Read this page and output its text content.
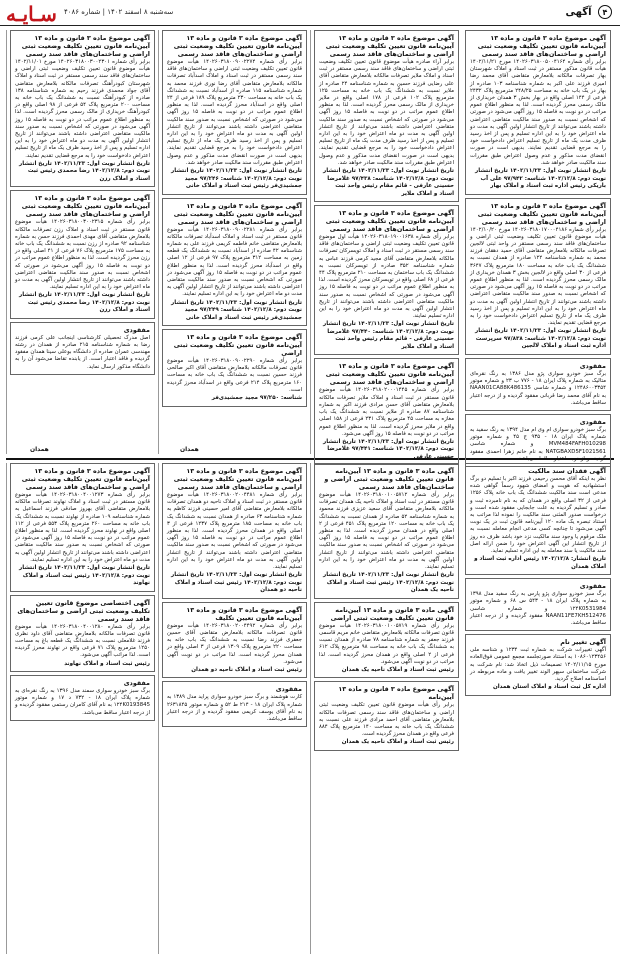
سـایـه سه‌شنبه ۸ اسفند ۱۴۰۲ | شماره ۴۰۸۶	۴ آگهی
آگهی موضوع ماده ۳ قانون و ماده ۱۳ آیین‌نامه قانون تعیین تکلیف وضعیت ثبتی اراضی و ساختمان‌های فاقد سند رسمی
برابر رأی شماره ۱۴۰۲۶۰۳۱۸۰۰۵۰۰۴۱۶۴ مورخ ۱۴۰۲/۱۱/۲۱ هیأت قانون مذکور مستقر در ثبت اسناد و املاک شهرستان بهار تصرفات مالکانه بلامعارض متقاضی آقای محمد رضا امیری فرزند علی اکبر به شماره شناسنامه ۱۰۳ صادره از بهار در یک باب خانه به مساحت ۲۴۸/۲۵ مترمربع پلاک ۲۴۳۲ فرعی از ۱۴۴ اصلی واقع در بهار بخش ۳ همدان خریداری از مالک رسمی محرز گردیده است. لذا به منظور اطلاع عموم مراتب در دو نوبت به فاصله ۱۵ روز آگهی می‌شود در صورتی که اشخاص نسبت به صدور سند مالکیت متقاضی اعتراضی داشته باشند می‌توانند از تاریخ انتشار اولین آگهی به مدت دو ماه اعتراض خود را به این اداره تسلیم و پس از اخذ رسید ظرف مدت یک ماه از تاریخ تسلیم اعتراض دادخواست خود را به مرجع قضایی تقدیم نمایند. بدیهی است در صورت انقضای مدت مذکور و عدم وصول اعتراض طبق مقررات سند مالکیت صادر خواهد شد.
تاریخ انتشار نوبت اول: ۱۴۰۲/۱۱/۲۳ تاریخ انتشار نوبت دوم: ۱۴۰۲/۱۲/۸ شناسه: ۹۷/۹۴۲ علی آب باریکی رئیس اداره ثبت اسناد و املاک بهار
آگهی موضوع ماده ۳ قانون و ماده ۱۳ آیین‌نامه قانون تعیین تکلیف وضعیت ثبتی اراضی و ساختمان‌های فاقد سند رسمی
برابر رأی شماره ۱۴۰۲۶۰۳۱۸۰۱۷۰۰۰۴۱۸۶ مورخ ۱۴۰۲/۱۰/۲۰ هیأت موضوع قانون تعیین تکلیف وضعیت ثبتی اراضی و ساختمان‌های فاقد سند رسمی مستقر در واحد ثبتی لالجین تصرفات مالکانه بلامعارض متقاضی آقای حمید دهقان فرزند محمد به شماره شناسنامه ۱۲۲ صادره از همدان نسبت به ششدانگ یک باب خانه به مساحت ۱۸۰ مترمربع پلاک ۳۶۴۷ فرعی از ۳۰ اصلی واقع در لالجین بخش ۳ همدان خریداری از مالک رسمی محرز گردیده است. لذا به منظور اطلاع عموم مراتب در دو نوبت به فاصله ۱۵ روز آگهی می‌شود در صورتی که اشخاص نسبت به صدور سند مالکیت متقاضی اعتراضی داشته باشند می‌توانند از تاریخ انتشار اولین آگهی به مدت دو ماه اعتراض خود را به این اداره تسلیم و پس از اخذ رسید ظرف یک ماه از تاریخ تسلیم اعتراض دادخواست خود را به مرجع قضایی تقدیم نمایند.
تاریخ انتشار نوبت اول: ۱۴۰۲/۱۱/۲۳ تاریخ انتشار نوبت دوم: ۱۴۰۲/۱۲/۸ شناسه: ۹۷/۸۳۸ سرپرست اداره ثبت اسناد و املاک لالجین
مفقودی
برگ سبز خودرو سواری پژو مدل ۱۳۸۶ به رنگ نقره‌ای متالیک به شماره پلاک ایران ۱۸ - ۷۷۶ ب ۲۳ و شماره موتور ۱۲۴۸۶۰۰۳۳۵۴ و شماره شاسی NAAN01CA88K486135 به نام آقای محمد رضا قربانی مفقود گردیده و از درجه اعتبار ساقط می‌باشد.
مفقودی
برگ سبز خودرو سواری ام وی ام مدل ۱۳۹۴ به رنگ سفید به شماره پلاک ایران ۱۸ - ۹۳۵ ج ۴۵ و شماره موتور MVM484FAFH010298 و شماره شاسی NATGBAXD5F1021561 به نام خانم زهرا احمدی مفقود گردیده و از درجه اعتبار ساقط می‌باشد.
آگهی موضوع ماده ۳ قانون و ماده ۱۳ آیین‌نامه قانون تعیین تکلیف وضعیت ثبتی اراضی و ساختمان‌های فاقد سند رسمی
برابر آراء صادره هیأت موضوع قانون تعیین تکلیف وضعیت ثبتی اراضی و ساختمان‌های فاقد سند رسمی مستقر در ثبت اسناد و املاک ملایر تصرفات مالکانه بلامعارض متقاضی آقای علی رضایی فرزند حسین به شماره شناسنامه ۲۴ صادره از ملایر نسبت به ششدانگ یک باب خانه به مساحت ۱۲۵ مترمربع پلاک ۱۰۲ فرعی از ۱۷۸ اصلی واقع در ملایر خریداری از مالک رسمی محرز گردیده است. لذا به منظور اطلاع عموم مراتب در دو نوبت به فاصله ۱۵ روز آگهی می‌شود در صورتی که اشخاص نسبت به صدور سند مالکیت متقاضی اعتراضی داشته باشند می‌توانند از تاریخ انتشار اولین آگهی به مدت دو ماه اعتراض خود را به این اداره تسلیم و پس از اخذ رسید ظرف مدت یک ماه از تاریخ تسلیم اعتراض دادخواست خود را به مرجع قضایی تقدیم نمایند. بدیهی است در صورت انقضای مدت مذکور و عدم وصول اعتراض طبق مقررات سند مالکیت صادر خواهد شد.
تاریخ انتشار نوبت اول: ۱۴۰۲/۱۱/۲۳ تاریخ انتشار نوبت دوم: ۱۴۰۲/۱۲/۸ شناسه: ۹۷/۴۳۸ غلامرضا حسینی عارفی - قائم مقام رئیس واحد ثبت اسناد و املاک ملایر
آگهی موضوع ماده ۳ قانون و ماده ۱۳ آیین‌نامه قانون تعیین تکلیف وضعیت ثبتی اراضی و ساختمان‌های فاقد سند رسمی
برابر رأی شماره ۱۴۰۲۶۰۳۱۸۰۱۹۰۰۱۶۳۸ هیأت اول موضوع قانون تعیین تکلیف وضعیت ثبتی اراضی و ساختمان‌های فاقد سند رسمی مستقر در ثبت اسناد و املاک تویسرکان تصرفات مالکانه بلامعارض متقاضی آقای مجید کرمی فرزند عباس به شماره شناسنامه ۳۵۲ صادره از تویسرکان نسبت به ششدانگ یک باب ساختمان به مساحت ۲۱۰ مترمربع پلاک ۴۴ فرعی از ۶۸ اصلی واقع در تویسرکان محرز گردیده است. لذا به منظور اطلاع عموم مراتب در دو نوبت به فاصله ۱۵ روز آگهی می‌شود در صورتی که اشخاص نسبت به صدور سند مالکیت متقاضی اعتراضی داشته باشند می‌توانند از تاریخ انتشار اولین آگهی به مدت دو ماه اعتراض خود را به این اداره تسلیم نمایند.
تاریخ انتشار نوبت اول: ۱۴۰۲/۱۱/۲۳ تاریخ انتشار نوبت دوم: ۱۴۰۲/۱۲/۸ شناسه: ۹۷/۴۴۰ غلامرضا حسینی عارفی - قائم مقام رئیس واحد ثبت اسناد و املاک ملایر
آگهی موضوع ماده ۳ قانون و ماده ۱۳ آیین‌نامه قانون تعیین تکلیف وضعیت ثبتی اراضی و ساختمان‌های فاقد سند رسمی
برابر رأی شماره ۱۴۰۲۶۰۳۱۸۰۲۰۰۰۱۴۴۵ هیأت موضوع قانون مستقر در ثبت اسناد و املاک ملایر تصرفات مالکانه بلامعارض متقاضی آقای حسن مرادی فرزند اکبر به شماره شناسنامه ۸۷ صادره از ملایر نسبت به ششدانگ یک باب مغازه به مساحت ۴۵ مترمربع پلاک ۲۳۱ فرعی از ۱۵۸ اصلی واقع در ملایر محرز گردیده است. لذا به منظور اطلاع عموم مراتب در دو نوبت به فاصله ۱۵ روز آگهی می‌شود.
تاریخ انتشار نوبت اول: ۱۴۰۲/۱۱/۲۳ تاریخ انتشار نوبت دوم: ۱۴۰۲/۱۲/۸ شناسه: ۹۷/۴۴۱ غلامرضا حسینی عارفی
آگهی موضوع ماده ۳ قانون و ماده ۱۳ آیین‌نامه قانون تعیین تکلیف وضعیت ثبتی اراضی و ساختمان‌های فاقد سند رسمی
برابر رأی شماره ۱۴۰۲۶۰۳۱۸۰۰۹۰۰۲۲۷۴ هیأت موضوع قانون تعیین تکلیف وضعیت ثبتی اراضی و ساختمان‌های فاقد سند رسمی مستقر در ثبت اسناد و املاک اسدآباد تصرفات مالکانه بلامعارض متقاضی آقای رضا نوری فرزند محمد به شماره شناسنامه ۱۱۵ صادره از اسدآباد نسبت به ششدانگ یک باب خانه به مساحت ۲۳۰ مترمربع پلاک ۱۸۹ فرعی از ۲۴ اصلی واقع در اسدآباد محرز گردیده است. لذا به منظور اطلاع عموم مراتب در دو نوبت به فاصله ۱۵ روز آگهی می‌شود در صورتی که اشخاص نسبت به صدور سند مالکیت متقاضی اعتراضی داشته باشند می‌توانند از تاریخ انتشار اولین آگهی به مدت دو ماه اعتراض خود را به این اداره تسلیم و پس از اخذ رسید ظرف یک ماه از تاریخ تسلیم اعتراض دادخواست خود را به مرجع قضایی تقدیم نمایند. بدیهی است در صورت انقضای مدت مذکور و عدم وصول اعتراض طبق مقررات سند مالکیت صادر خواهد شد.
تاریخ انتشار نوبت اول: ۱۴۰۲/۱۱/۲۳ تاریخ انتشار نوبت دوم: ۱۴۰۲/۱۲/۸ شناسه: ۹۷/۲۴۶ مجید جمشیدی‌فر رئیس ثبت اسناد و املاک خانی
آگهی موضوع ماده ۳ قانون و ماده ۱۳ آیین‌نامه قانون تعیین تکلیف وضعیت ثبتی اراضی و ساختمان‌های فاقد سند رسمی
برابر رأی شماره ۱۴۰۲۶۰۳۱۸۰۰۹۰۰۲۲۸۱ هیأت موضوع قانون مستقر در ثبت اسناد و املاک اسدآباد تصرفات مالکانه بلامعارض متقاضی خانم فاطمه کریمی فرزند علی به شماره شناسنامه ۴۲ صادره از اسدآباد نسبت به ششدانگ یک قطعه زمین به مساحت ۳۱۲ مترمربع پلاک ۹۷ فرعی از ۱۲ اصلی واقع در اسدآباد محرز گردیده است. لذا به منظور اطلاع عموم مراتب در دو نوبت به فاصله ۱۵ روز آگهی می‌شود در صورتی که اشخاص نسبت به صدور سند مالکیت متقاضی اعتراضی داشته باشند می‌توانند از تاریخ انتشار اولین آگهی به مدت دو ماه اعتراض خود را به این اداره تسلیم نمایند.
تاریخ انتشار نوبت اول: ۱۴۰۲/۱۱/۲۳ تاریخ انتشار نوبت دوم: ۱۴۰۲/۱۲/۸ شناسه: ۹۷/۲۴۹ مجید جمشیدی‌فر رئیس ثبت اسناد و املاک خانی
آگهی موضوع ماده ۳ قانون و ماده ۱۳ آیین‌نامه قانون تعیین تکلیف وضعیت ثبتی اراضی
برابر رأی شماره ۱۴۰۲۶۰۳۱۸۰۰۹۰۰۲۲۹۰ هیأت موضوع قانون تصرفات مالکانه بلامعارض متقاضی آقای اکبر صالحی فرزند حسین نسبت به ششدانگ یک باب خانه به مساحت ۱۶۰ مترمربع پلاک ۲۱۴ فرعی واقع در اسدآباد محرز گردیده است.
شناسه: ۹۷/۲۵۰ مجید جمشیدی‌فر
آگهی موضوع ماده ۳ قانون و ماده ۱۳ آیین‌نامه قانون تعیین تکلیف وضعیت ثبتی اراضی و ساختمان‌های فاقد سند رسمی
برابر رأی شماره ۱۴۰۲۶۰۳۱۸۰۰۳۰۰۲۳۰۱ مورخ ۱۴۰۲/۱۱/۰۱ هیأت موضوع قانون تعیین تکلیف وضعیت ثبتی اراضی و ساختمان‌های فاقد سند رسمی مستقر در ثبت اسناد و املاک شهرستان کبودرآهنگ تصرفات مالکانه بلامعارض متقاضی آقای جواد محمدی فرزند رحیم به شماره شناسنامه ۱۳۸ صادره از کبودرآهنگ نسبت به ششدانگ یک باب خانه به مساحت ۲۰۰ مترمربع پلاک ۵۴ فرعی از ۹۸ اصلی واقع در کبودرآهنگ خریداری از مالک رسمی محرز گردیده است. لذا به منظور اطلاع عموم مراتب در دو نوبت به فاصله ۱۵ روز آگهی می‌شود در صورتی که اشخاص نسبت به صدور سند مالکیت متقاضی اعتراضی داشته باشند می‌توانند از تاریخ انتشار اولین آگهی به مدت دو ماه اعتراض خود را به این اداره تسلیم و پس از اخذ رسید ظرف یک ماه از تاریخ تسلیم اعتراض دادخواست خود را به مرجع قضایی تقدیم نمایند.
تاریخ انتشار نوبت اول: ۱۴۰۲/۱۱/۲۳ تاریخ انتشار نوبت دوم: ۱۴۰۲/۱۲/۸ رضا محمدی رئیس ثبت اسناد و املاک رزن
آگهی موضوع ماده ۳ قانون و ماده ۱۳ آیین‌نامه قانون تعیین تکلیف وضعیت ثبتی اراضی و ساختمان‌های فاقد سند رسمی
برابر رأی شماره ۱۴۰۲۶۰۳۱۸۰۰۳۰۰۲۳۱۵ هیأت موضوع قانون مستقر در ثبت اسناد و املاک رزن تصرفات مالکانه بلامعارض متقاضی آقای مهدی احمدی فرزند حسن به شماره شناسنامه ۹۲ صادره از رزن نسبت به ششدانگ یک باب خانه به مساحت ۱۷۵ مترمربع پلاک ۷۶ فرعی از ۴۱ اصلی واقع در رزن محرز گردیده است. لذا به منظور اطلاع عموم مراتب در دو نوبت به فاصله ۱۵ روز آگهی می‌شود در صورتی که اشخاص نسبت به صدور سند مالکیت متقاضی اعتراضی داشته باشند می‌توانند از تاریخ انتشار اولین آگهی به مدت دو ماه اعتراض خود را به این اداره تسلیم نمایند.
تاریخ انتشار نوبت اول: ۱۴۰۲/۱۱/۲۳ تاریخ انتشار نوبت دوم: ۱۴۰۲/۱۲/۸ رضا محمدی رئیس ثبت اسناد و املاک رزن
مفقودی
اصل مدرک تحصیلی کارشناسی اینجانب علی کرمی فرزند رضا به شماره شناسنامه ۲۱۵ صادره از همدان در رشته مهندسی عمران صادره از دانشگاه بوعلی سینا همدان مفقود گردیده و فاقد اعتبار است. از یابنده تقاضا می‌شود آن را به دانشگاه مذکور ارسال نماید.
آگهی فقدان سند مالکیت
نظر به اینکه آقای محسن رحیمی فرزند اکبر با تسلیم دو برگ استشهادیه که هویت و امضای شهود رسماً گواهی شده مدعی است سند مالکیت ششدانگ یک باب خانه پلاک ۱۲۵۶ فرعی از ۳۲ اصلی واقع در همدان که به نام نامبرده ثبت و صادر و تسلیم گردیده به علت جابجایی مفقود شده است و درخواست صدور المثنی سند مالکیت را نموده لذا مراتب به استناد تبصره یک ماده ۱۲۰ آیین‌نامه قانون ثبت در یک نوبت آگهی می‌شود تا چنانچه کسی مدعی انجام معامله نسبت به ملک مرقوم یا وجود سند مالکیت نزد خود باشد ظرف ده روز از تاریخ انتشار این آگهی اعتراض خود را ضمن ارائه اصل سند مالکیت یا سند معامله به این اداره تسلیم نماید.
تاریخ انتشار: ۱۴۰۲/۱۲/۸ رئیس اداره ثبت اسناد و املاک همدان
مفقودی
برگ سبز خودرو سواری پژو پارس به رنگ سفید مدل ۱۳۹۸ به شماره پلاک ایران ۱۸ - ۵۴۳ س ۶۸ و شماره موتور ۱۲۴K0531984 و شماره شاسی NAAN11FE7KH512476 مفقود گردیده و از درجه اعتبار ساقط می‌باشد.
آگهی تغییر نام
آگهی تغییرات شرکت به شماره ثبت ۱۲۳۴ و شناسه ملی ۱۰۸۶۰۱۲۳۴۵۶ به استناد صورتجلسه مجمع عمومی فوق‌العاده مورخ ۱۴۰۲/۱۱/۱۵ تصمیمات ذیل اتخاذ شد: نام شرکت به شرکت ساختمانی سپهر الوند تغییر یافت و ماده مربوطه در اساسنامه اصلاح گردید.
اداره کل ثبت اسناد و املاک استان همدان
آگهی ماده ۳ قانون و ماده ۱۳ آیین‌نامه قانون تعیین تکلیف وضعیت ثبتی اراضی و ساختمان‌های فاقد سند رسمی
برابر رأی شماره ۱۴۰۲۶۰۳۱۸۰۰۱۰۰۵۷۱۲ هیأت موضوع قانون مستقر در ثبت اسناد و املاک ناحیه یک همدان تصرفات مالکانه بلامعارض متقاضی آقای سعید عزیزی فرزند محمود به شماره شناسنامه ۵۲ صادره از همدان نسبت به ششدانگ یک باب خانه به مساحت ۱۲۰ مترمربع پلاک ۴۵۱ فرعی از ۲ اصلی واقع در همدان محرز گردیده است. لذا به منظور اطلاع عموم مراتب در دو نوبت به فاصله ۱۵ روز آگهی می‌شود در صورتی که اشخاص نسبت به صدور سند مالکیت متقاضی اعتراضی داشته باشند می‌توانند از تاریخ انتشار اولین آگهی به مدت دو ماه اعتراض خود را به این اداره تسلیم نمایند.
تاریخ انتشار نوبت اول: ۱۴۰۲/۱۱/۲۳ تاریخ انتشار نوبت دوم: ۱۴۰۲/۱۲/۸ رئیس ثبت اسناد و املاک ناحیه یک همدان
آگهی ماده ۳ قانون و ماده ۱۳ آیین‌نامه قانون تعیین تکلیف وضعیت ثبتی اراضی
برابر رأی شماره ۱۴۰۲۶۰۳۱۸۰۰۱۰۰۵۷۱۹ هیأت موضوع قانون تصرفات مالکانه بلامعارض متقاضی خانم مریم قاسمی فرزند جعفر به شماره شناسنامه ۷۸ صادره از همدان نسبت به ششدانگ یک باب خانه به مساحت ۹۸ مترمربع پلاک ۶۱۲ فرعی از ۲ اصلی واقع در همدان محرز گردیده است. لذا مراتب در دو نوبت آگهی می‌شود.
رئیس ثبت اسناد و املاک ناحیه یک همدان
آگهی موضوع ماده ۳ قانون و ماده ۱۳ آیین‌نامه
برابر رأی هیأت موضوع قانون تعیین تکلیف وضعیت ثبتی اراضی و ساختمان‌های فاقد سند رسمی تصرفات مالکانه بلامعارض متقاضی آقای احمد مرادی فرزند علی نسبت به ششدانگ یک باب خانه به مساحت ۱۴۰ مترمربع پلاک ۸۸۴ فرعی واقع در همدان محرز گردیده است.
رئیس ثبت اسناد و املاک ناحیه یک همدان
آگهی موضوع ماده ۳ قانون و ماده ۱۳ آیین‌نامه قانون تعیین تکلیف وضعیت ثبتی اراضی و ساختمان‌های فاقد سند رسمی
برابر رأی شماره ۱۴۰۲۶۰۳۱۸۰۰۲۰۰۴۴۸۱ هیأت موضوع قانون مستقر در ثبت اسناد و املاک ناحیه دو همدان تصرفات مالکانه بلامعارض متقاضی آقای امیر حسینی فرزند کاظم به شماره شناسنامه ۶۳ صادره از همدان نسبت به ششدانگ یک باب خانه به مساحت ۱۸۵ مترمربع پلاک ۱۲۳۷ فرعی از ۳ اصلی واقع در همدان محرز گردیده است. لذا به منظور اطلاع عموم مراتب در دو نوبت به فاصله ۱۵ روز آگهی می‌شود در صورتی که اشخاص نسبت به صدور سند مالکیت متقاضی اعتراضی داشته باشند می‌توانند از تاریخ انتشار اولین آگهی به مدت دو ماه اعتراض خود را به این اداره تسلیم نمایند.
تاریخ انتشار نوبت اول: ۱۴۰۲/۱۱/۲۳ تاریخ انتشار نوبت دوم: ۱۴۰۲/۱۲/۸ رئیس ثبت اسناد و املاک ناحیه دو همدان
آگهی موضوع ماده ۳ قانون و ماده ۱۳ آیین‌نامه قانون تعیین تکلیف
برابر رأی شماره ۱۴۰۲۶۰۳۱۸۰۰۲۰۰۴۴۹۲ هیأت موضوع قانون تصرفات مالکانه بلامعارض متقاضی آقای حسین جعفری فرزند رضا نسبت به ششدانگ یک باب خانه به مساحت ۲۲۰ مترمربع پلاک ۱۳۰۹ فرعی از ۳ اصلی واقع در همدان محرز گردیده است. لذا مراتب در دو نوبت آگهی می‌شود.
رئیس ثبت اسناد و املاک ناحیه دو همدان
مفقودی
کارت هوشمند و برگ سبز خودرو سواری پراید مدل ۱۳۸۹ به شماره پلاک ایران ۱۸ - ۲۱۴ ط ۵۲ و شماره موتور ۲۶۳۱۸۴۵ به نام آقای یوسف کریمی مفقود گردیده و از درجه اعتبار ساقط می‌باشد.
آگهی موضوع ماده ۳ قانون و ماده ۱۳ آیین‌نامه قانون تعیین تکلیف وضعیت ثبتی اراضی و ساختمان‌های فاقد سند رسمی
برابر رأی شماره ۱۴۰۲۶۰۳۱۸۰۰۴۰۰۱۲۷۳ هیأت موضوع قانون مستقر در ثبت اسناد و املاک نهاوند تصرفات مالکانه بلامعارض متقاضی آقای بهروز صادقی فرزند اسماعیل به شماره شناسنامه ۱۰۹ صادره از نهاوند نسبت به ششدانگ یک باب خانه به مساحت ۲۶۰ مترمربع پلاک ۵۵۳ فرعی از ۱۱۲ اصلی واقع در نهاوند محرز گردیده است. لذا به منظور اطلاع عموم مراتب در دو نوبت به فاصله ۱۵ روز آگهی می‌شود در صورتی که اشخاص نسبت به صدور سند مالکیت متقاضی اعتراضی داشته باشند می‌توانند از تاریخ انتشار اولین آگهی به مدت دو ماه اعتراض خود را به این اداره تسلیم نمایند.
تاریخ انتشار نوبت اول: ۱۴۰۲/۱۱/۲۳ تاریخ انتشار نوبت دوم: ۱۴۰۲/۱۲/۸ رئیس ثبت اسناد و املاک نهاوند
آگهی اختصاصی موضوع قانون تعیین تکلیف وضعیت ثبتی اراضی و ساختمان‌های فاقد سند رسمی
برابر رأی شماره ۱۴۰۲۶۰۳۱۸۰۰۴۰۰۱۲۸۰ هیأت موضوع قانون تصرفات مالکانه بلامعارض متقاضی آقای داود نظری فرزند غلامعلی نسبت به ششدانگ یک قطعه باغ به مساحت ۱۲۵۰ مترمربع پلاک ۷۱ فرعی واقع در نهاوند محرز گردیده است. لذا مراتب آگهی می‌شود.
رئیس ثبت اسناد و املاک نهاوند
مفقودی
برگ سبز خودرو سواری سمند مدل ۱۳۹۶ به رنگ نقره‌ای به شماره پلاک ایران ۱۸ - ۷۳۲ د ۱۷ و شماره موتور ۱۲۴K0193845 به نام آقای کامران رستمی مفقود گردیده و از درجه اعتبار ساقط می‌باشد.
همدان	همدان
